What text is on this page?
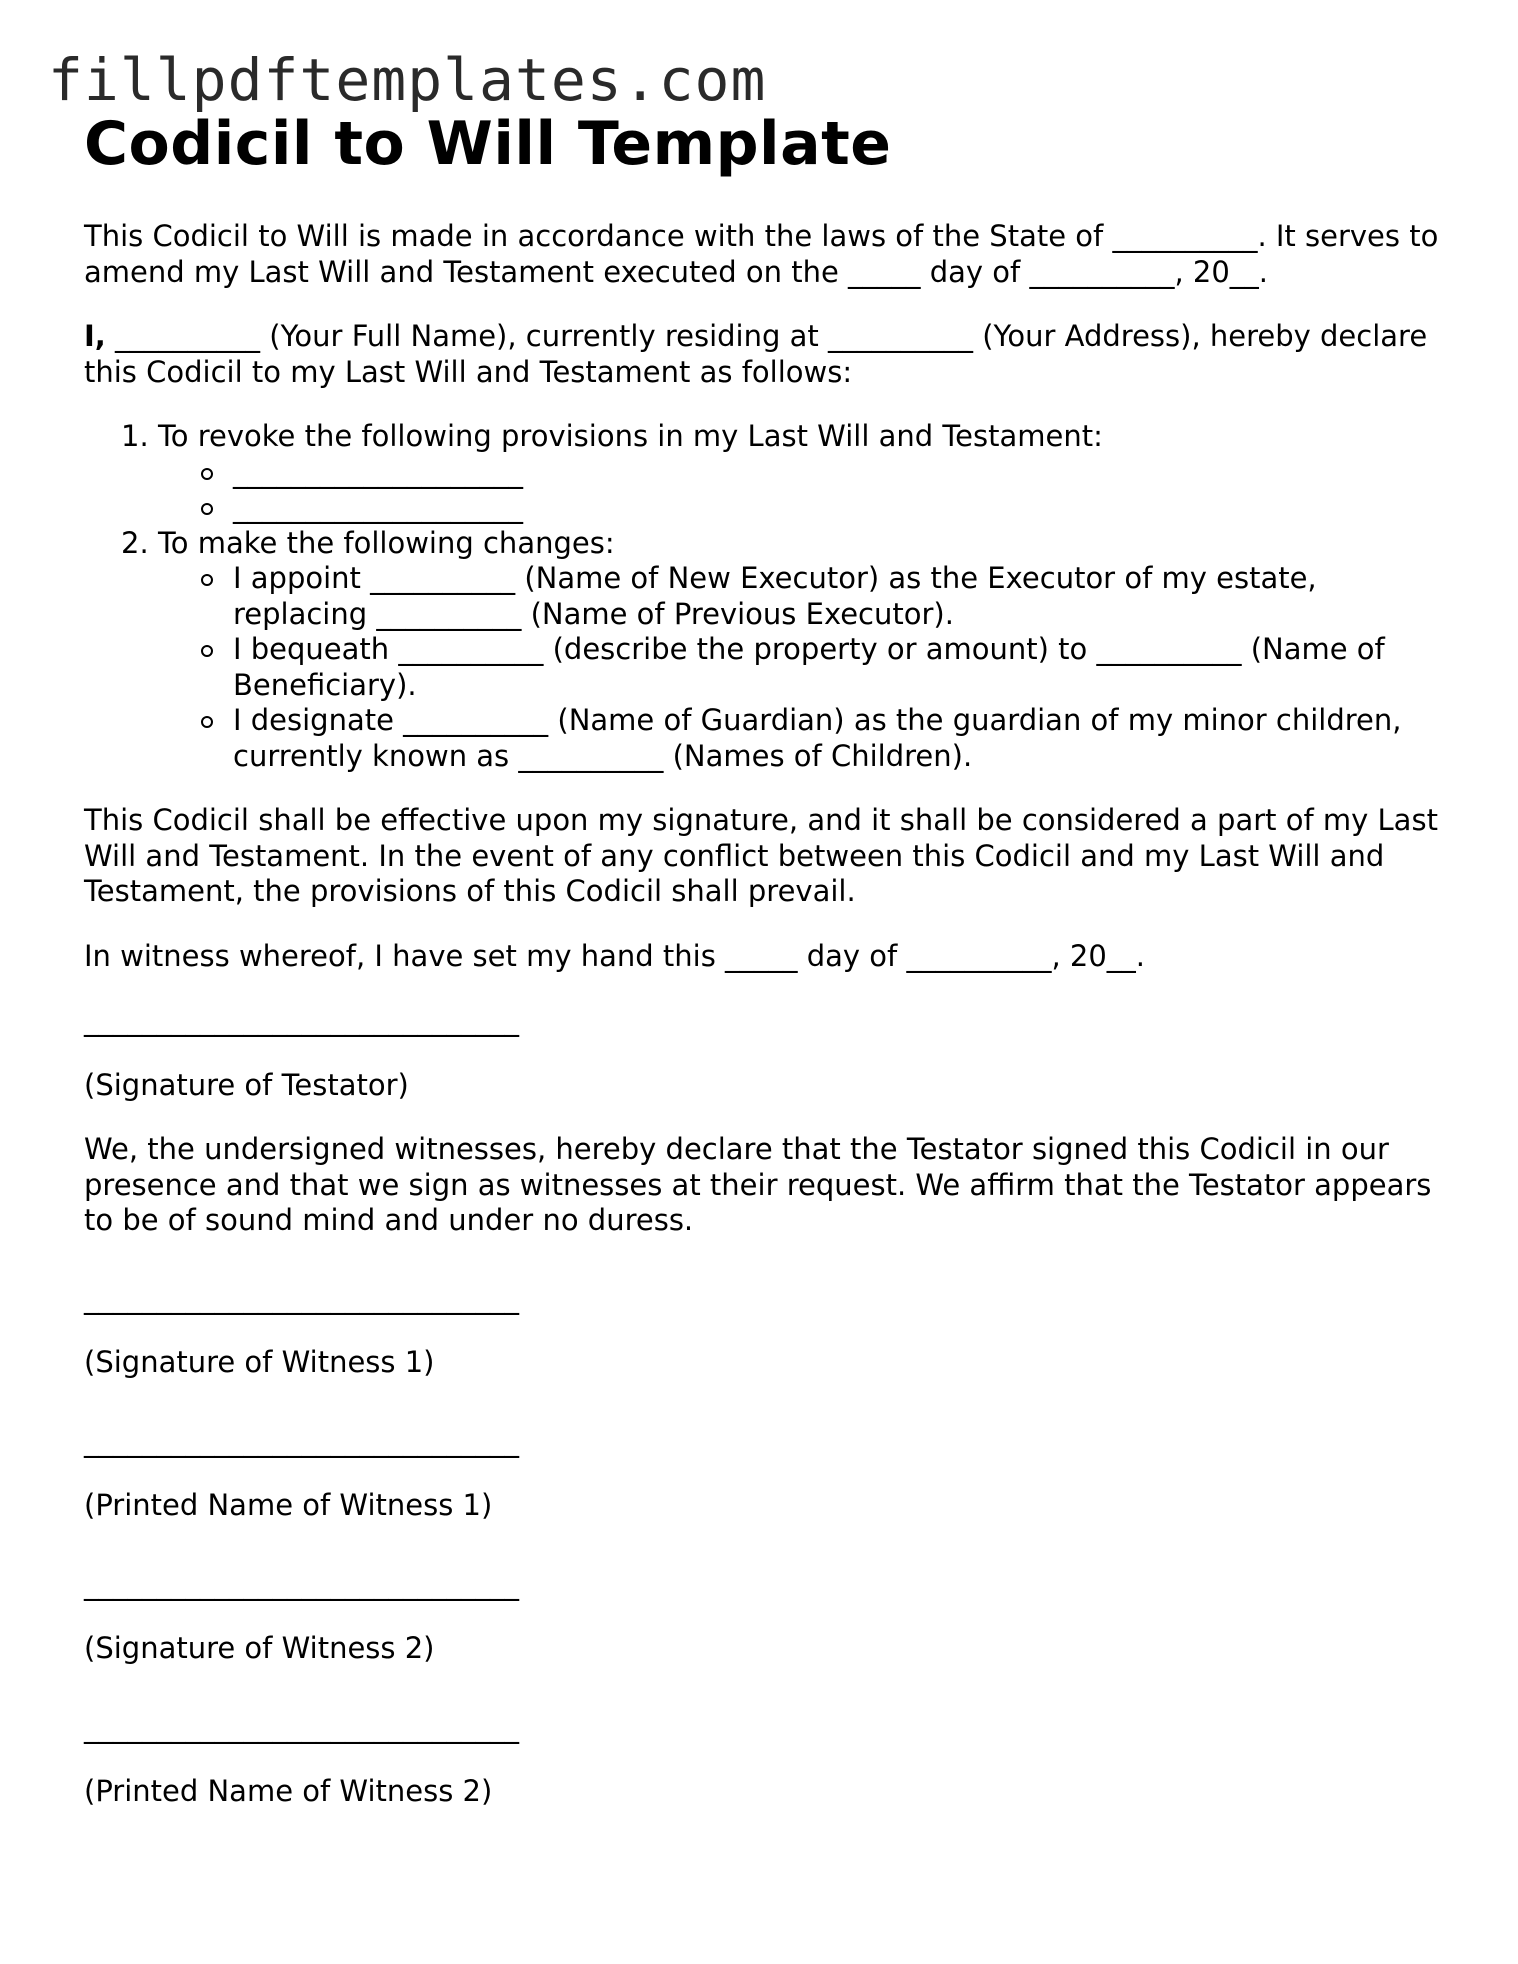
fillpdftemplates.com
Codicil to Will Template

This Codicil to Will is made in accordance with the laws of the State of __________. It serves to amend my Last Will and Testament executed on the _____ day of __________, 20__.

I, __________ (Your Full Name), currently residing at __________ (Your Address), hereby declare this Codicil to my Last Will and Testament as follows:

1. To revoke the following provisions in my Last Will and Testament:
____________________
____________________
2. To make the following changes:
I appoint __________ (Name of New Executor) as the Executor of my estate, replacing __________ (Name of Previous Executor).
I bequeath __________ (describe the property or amount) to __________ (Name of Beneficiary).
I designate __________ (Name of Guardian) as the guardian of my minor children, currently known as __________ (Names of Children).

This Codicil shall be effective upon my signature, and it shall be considered a part of my Last Will and Testament. In the event of any conflict between this Codicil and my Last Will and Testament, the provisions of this Codicil shall prevail.

In witness whereof, I have set my hand this _____ day of __________, 20__.

______________________________

(Signature of Testator)

We, the undersigned witnesses, hereby declare that the Testator signed this Codicil in our presence and that we sign as witnesses at their request. We affirm that the Testator appears to be of sound mind and under no duress.

______________________________

(Signature of Witness 1)

______________________________

(Printed Name of Witness 1)

______________________________

(Signature of Witness 2)

______________________________

(Printed Name of Witness 2)
